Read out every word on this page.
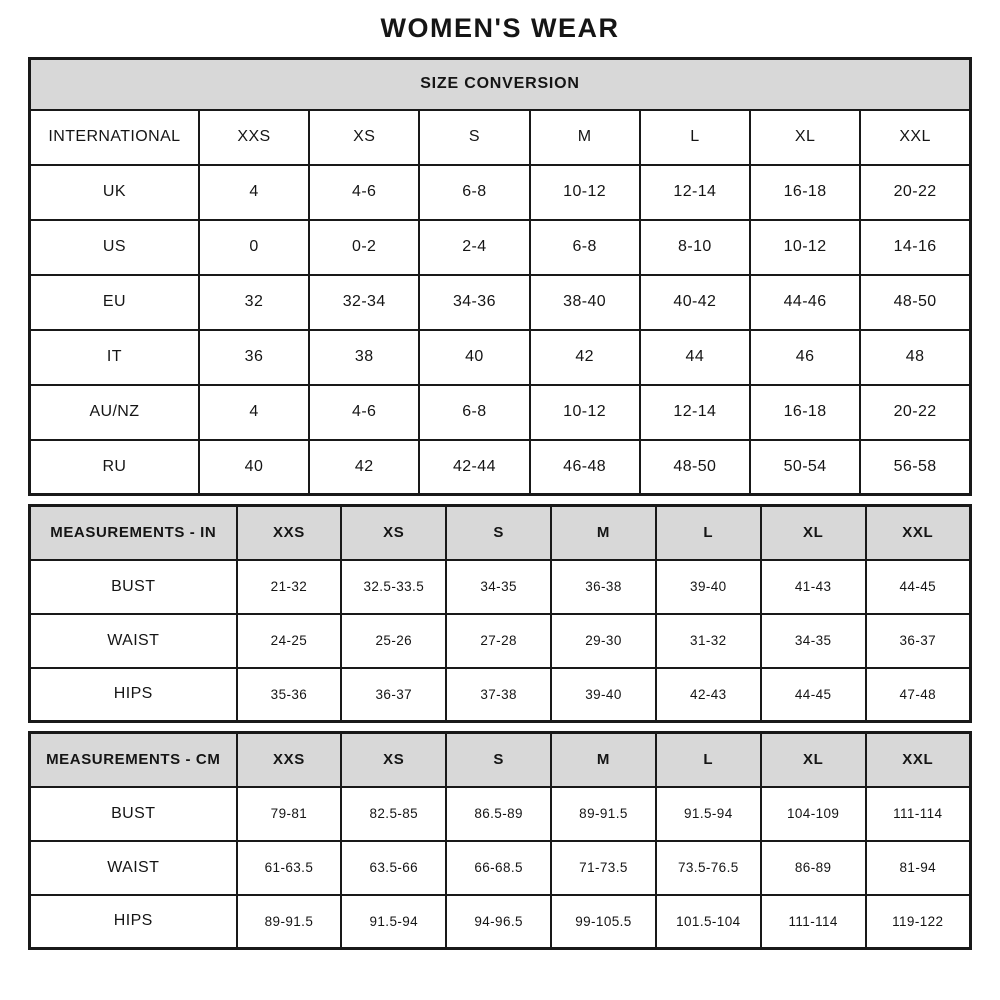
WOMEN'S WEAR
SIZE CONVERSION							
INTERNATIONAL	XXS	XS	S	M	L	XL	XXL
UK	4	4-6	6-8	10-12	12-14	16-18	20-22
US	0	0-2	2-4	6-8	8-10	10-12	14-16
EU	32	32-34	34-36	38-40	40-42	44-46	48-50
IT	36	38	40	42	44	46	48
AU/NZ	4	4-6	6-8	10-12	12-14	16-18	20-22
RU	40	42	42-44	46-48	48-50	50-54	56-58
MEASUREMENTS - IN	XXS	XS	S	M	L	XL	XXL
BUST	21-32	32.5-33.5	34-35	36-38	39-40	41-43	44-45
WAIST	24-25	25-26	27-28	29-30	31-32	34-35	36-37
HIPS	35-36	36-37	37-38	39-40	42-43	44-45	47-48
MEASUREMENTS - CM	XXS	XS	S	M	L	XL	XXL
BUST	79-81	82.5-85	86.5-89	89-91.5	91.5-94	104-109	111-114
WAIST	61-63.5	63.5-66	66-68.5	71-73.5	73.5-76.5	86-89	81-94
HIPS	89-91.5	91.5-94	94-96.5	99-105.5	101.5-104	111-114	119-122
